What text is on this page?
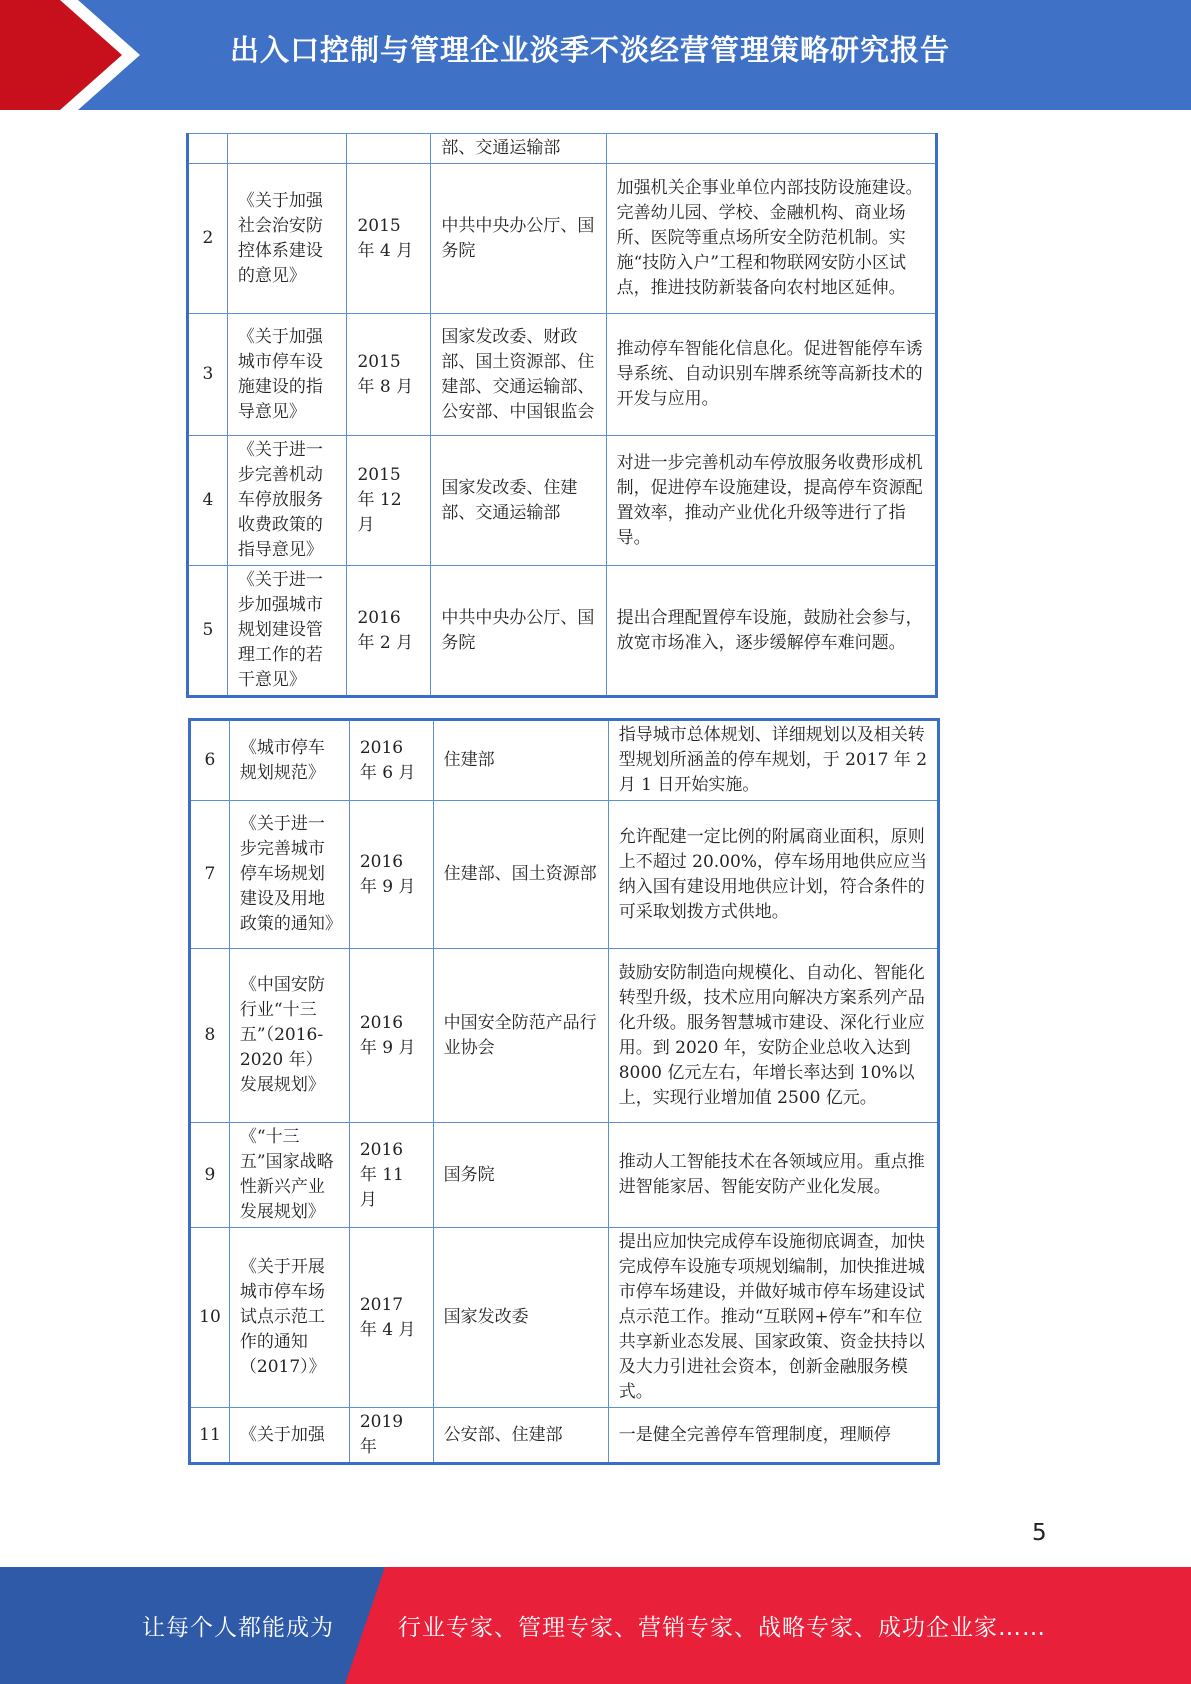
出入口控制与管理企业淡季不淡经营管理策略研究报告
			部、交通运输部	
2	《关于加强社会治安防控体系建设的意见》	2015 年 4 月	中共中央办公厅、国务院	加强机关企事业单位内部技防设施建设。完善幼儿园、学校、金融机构、商业场所、医院等重点场所安全防范机制。实施“技防入户”工程和物联网安防小区试点，推进技防新装备向农村地区延伸。
3	《关于加强城市停车设施建设的指导意见》	2015 年 8 月	国家发改委、财政部、国土资源部、住建部、交通运输部、公安部、中国银监会	推动停车智能化信息化。促进智能停车诱导系统、自动识别车牌系统等高新技术的开发与应用。
4	《关于进一步完善机动车停放服务收费政策的指导意见》	2015 年 12 月	国家发改委、住建部、交通运输部	对进一步完善机动车停放服务收费形成机制，促进停车设施建设，提高停车资源配置效率，推动产业优化升级等进行了指导。
5	《关于进一步加强城市规划建设管理工作的若干意见》	2016 年 2 月	中共中央办公厅、国务院	提出合理配置停车设施，鼓励社会参与，放宽市场准入，逐步缓解停车难问题。
6	《城市停车规划规范》	2016 年 6 月	住建部	指导城市总体规划、详细规划以及相关转型规划所涵盖的停车规划，于 2017 年 2 月 1 日开始实施。
7	《关于进一步完善城市停车场规划建设及用地政策的通知》	2016 年 9 月	住建部、国土资源部	允许配建一定比例的附属商业面积，原则上不超过 20.00%，停车场用地供应应当纳入国有建设用地供应计划，符合条件的可采取划拨方式供地。
8	《中国安防行业“十三五”（2016-2020 年）发展规划》	2016 年 9 月	中国安全防范产品行业协会	鼓励安防制造向规模化、自动化、智能化转型升级，技术应用向解决方案系列产品化升级。服务智慧城市建设、深化行业应用。到 2020 年，安防企业总收入达到 8000 亿元左右，年增长率达到 10%以上，实现行业增加值 2500 亿元。
9	《“十三五”国家战略性新兴产业发展规划》	2016 年 11 月	国务院	推动人工智能技术在各领域应用。重点推进智能家居、智能安防产业化发展。
10	《关于开展城市停车场试点示范工作的通知（2017）》	2017 年 4 月	国家发改委	提出应加快完成停车设施彻底调查，加快完成停车设施专项规划编制，加快推进城市停车场建设，并做好城市停车场建设试点示范工作。推动“互联网+停车”和车位共享新业态发展、国家政策、资金扶持以及大力引进社会资本，创新金融服务模式。
11	《关于加强	2019 年	公安部、住建部	一是健全完善停车管理制度，理顺停
5
让每个人都能成为	行业专家、管理专家、营销专家、战略专家、成功企业家……
